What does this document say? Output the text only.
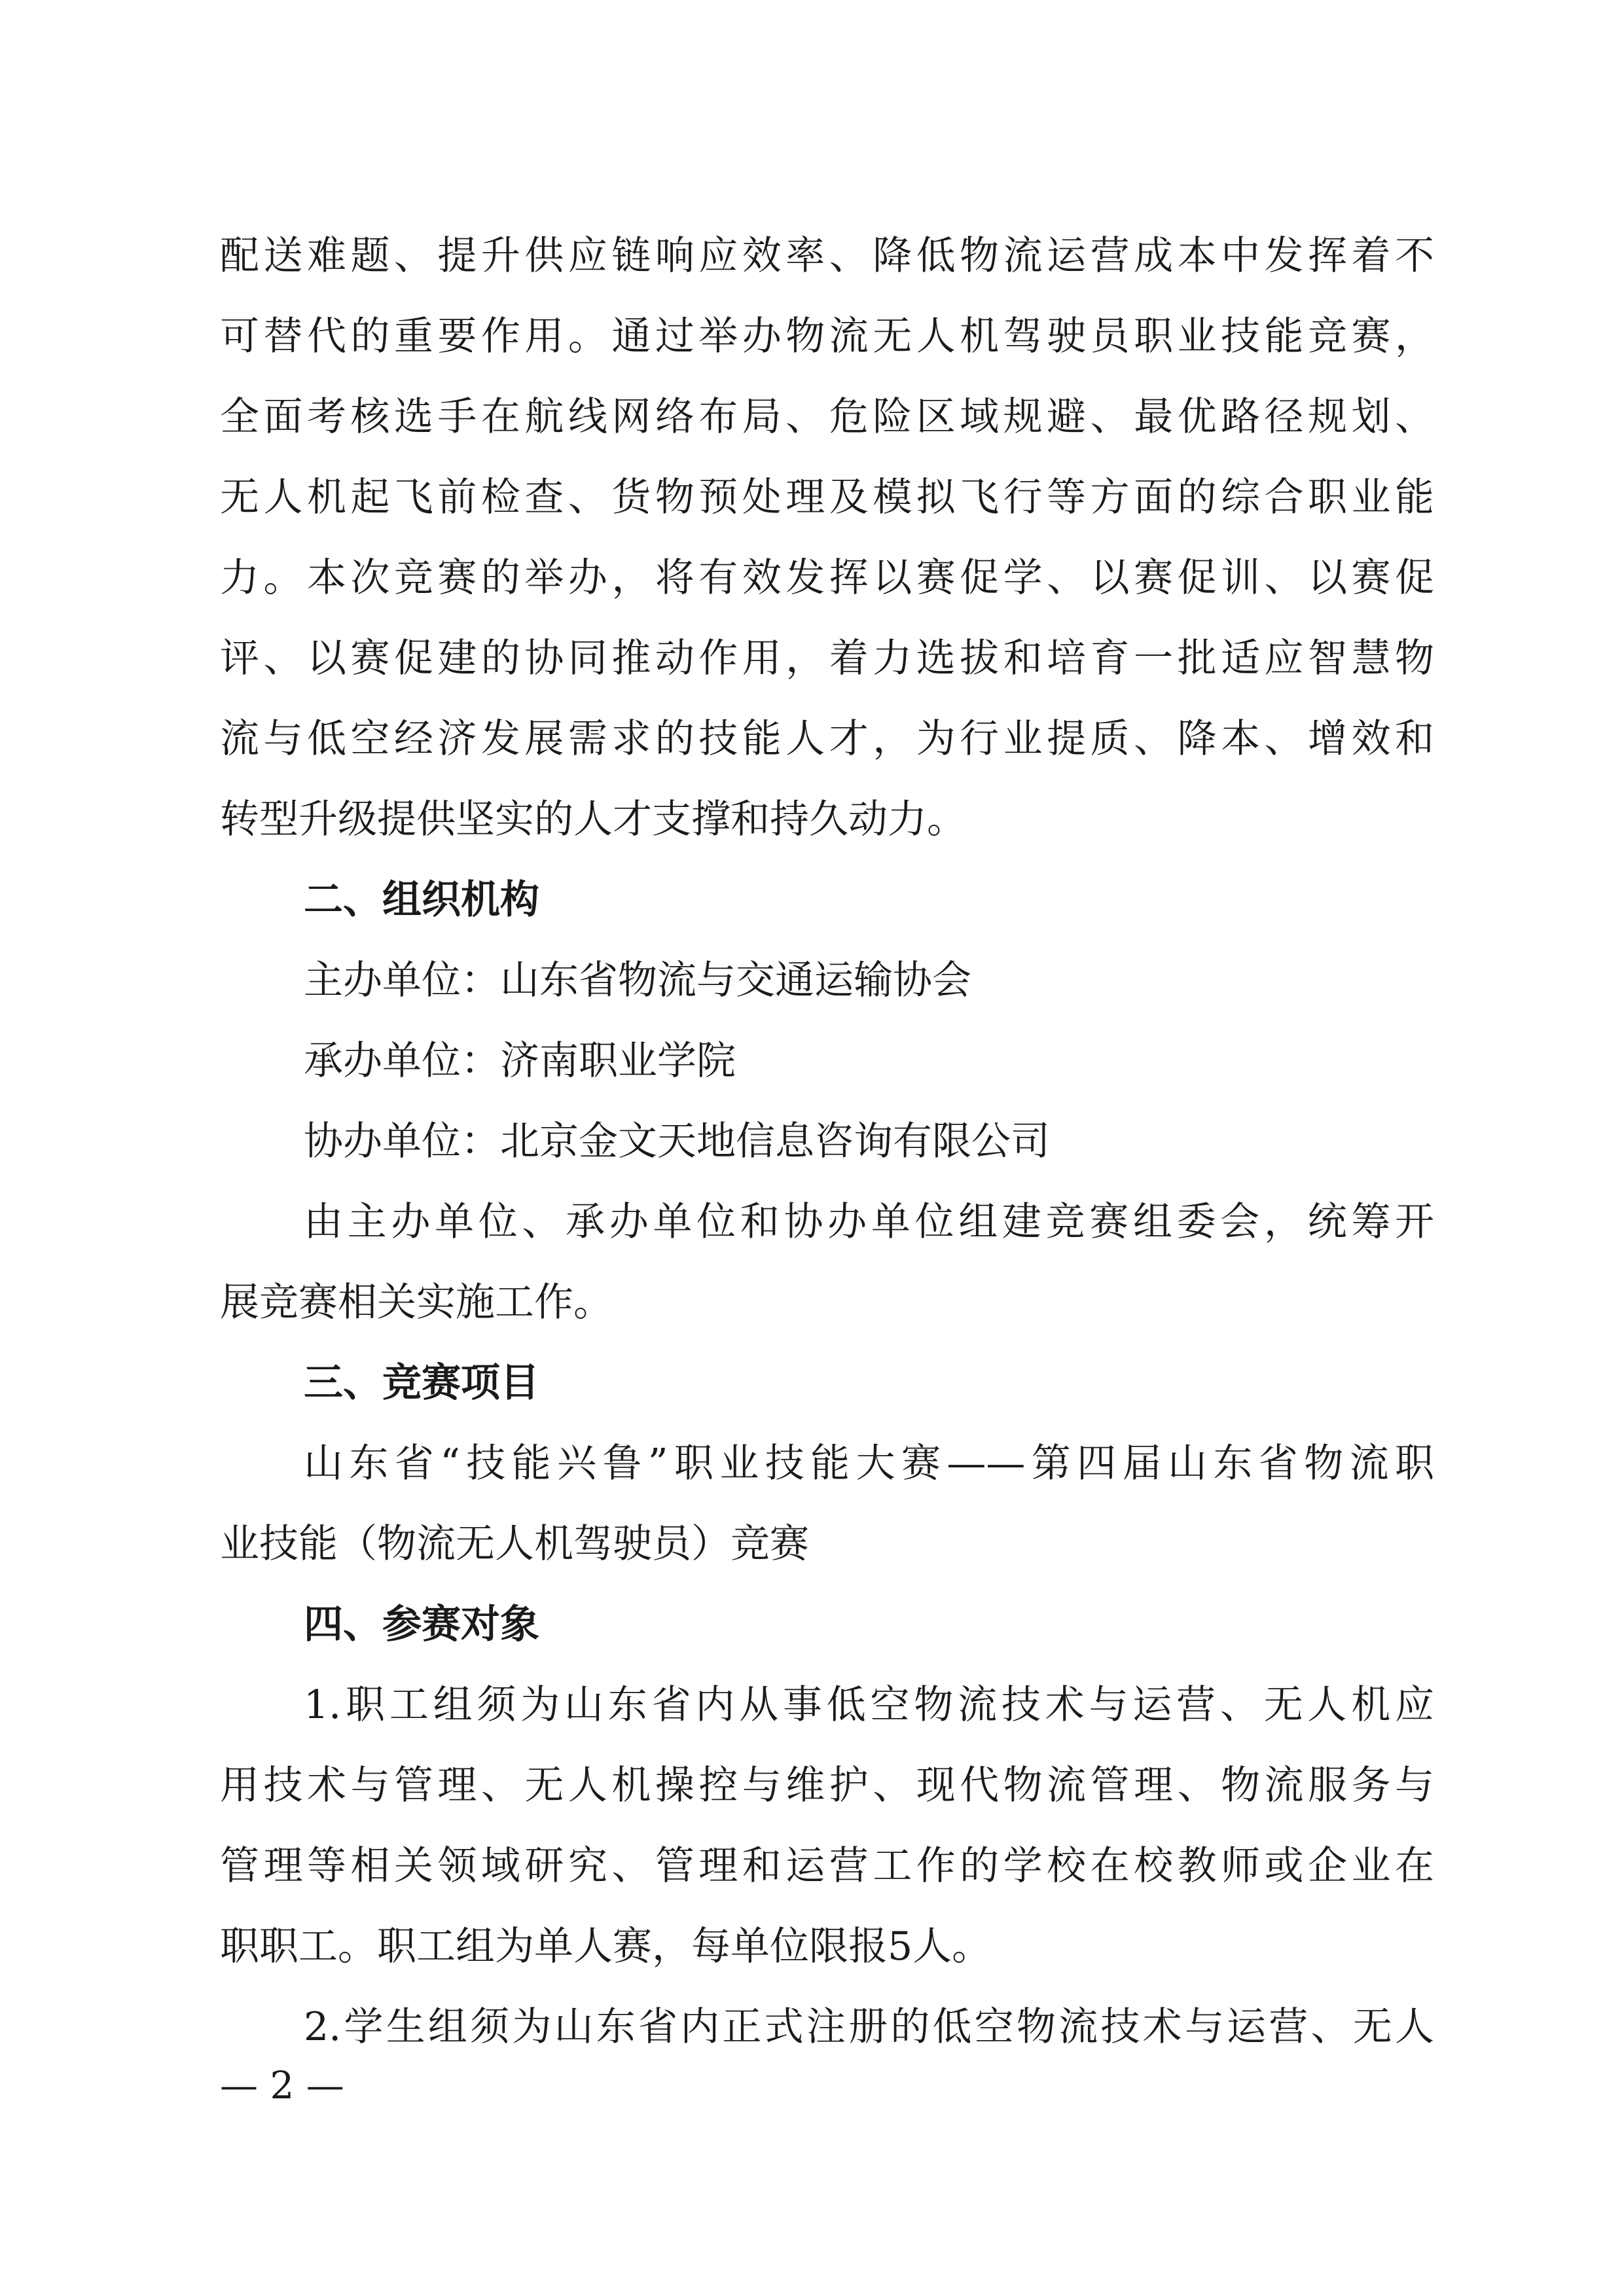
配送难题、提升供应链响应效率、降低物流运营成本中发挥着不
可替代的重要作用。通过举办物流无人机驾驶员职业技能竞赛，
全面考核选手在航线网络布局、危险区域规避、最优路径规划、
无人机起飞前检查、货物预处理及模拟飞行等方面的综合职业能
力。本次竞赛的举办，将有效发挥以赛促学、以赛促训、以赛促
评、以赛促建的协同推动作用，着力选拔和培育一批适应智慧物
流与低空经济发展需求的技能人才，为行业提质、降本、增效和
转型升级提供坚实的人才支撑和持久动力。
二、组织机构
主办单位：山东省物流与交通运输协会
承办单位：济南职业学院
协办单位：北京金文天地信息咨询有限公司
由主办单位、承办单位和协办单位组建竞赛组委会，统筹开
展竞赛相关实施工作。
三、竞赛项目
山东省“技能兴鲁”职业技能大赛——第四届山东省物流职
业技能（物流无人机驾驶员）竞赛
四、参赛对象
1.职工组须为山东省内从事低空物流技术与运营、无人机应
用技术与管理、无人机操控与维护、现代物流管理、物流服务与
管理等相关领域研究、管理和运营工作的学校在校教师或企业在
职职工。职工组为单人赛，每单位限报5人。
2.学生组须为山东省内正式注册的低空物流技术与运营、无人
— 2 —
